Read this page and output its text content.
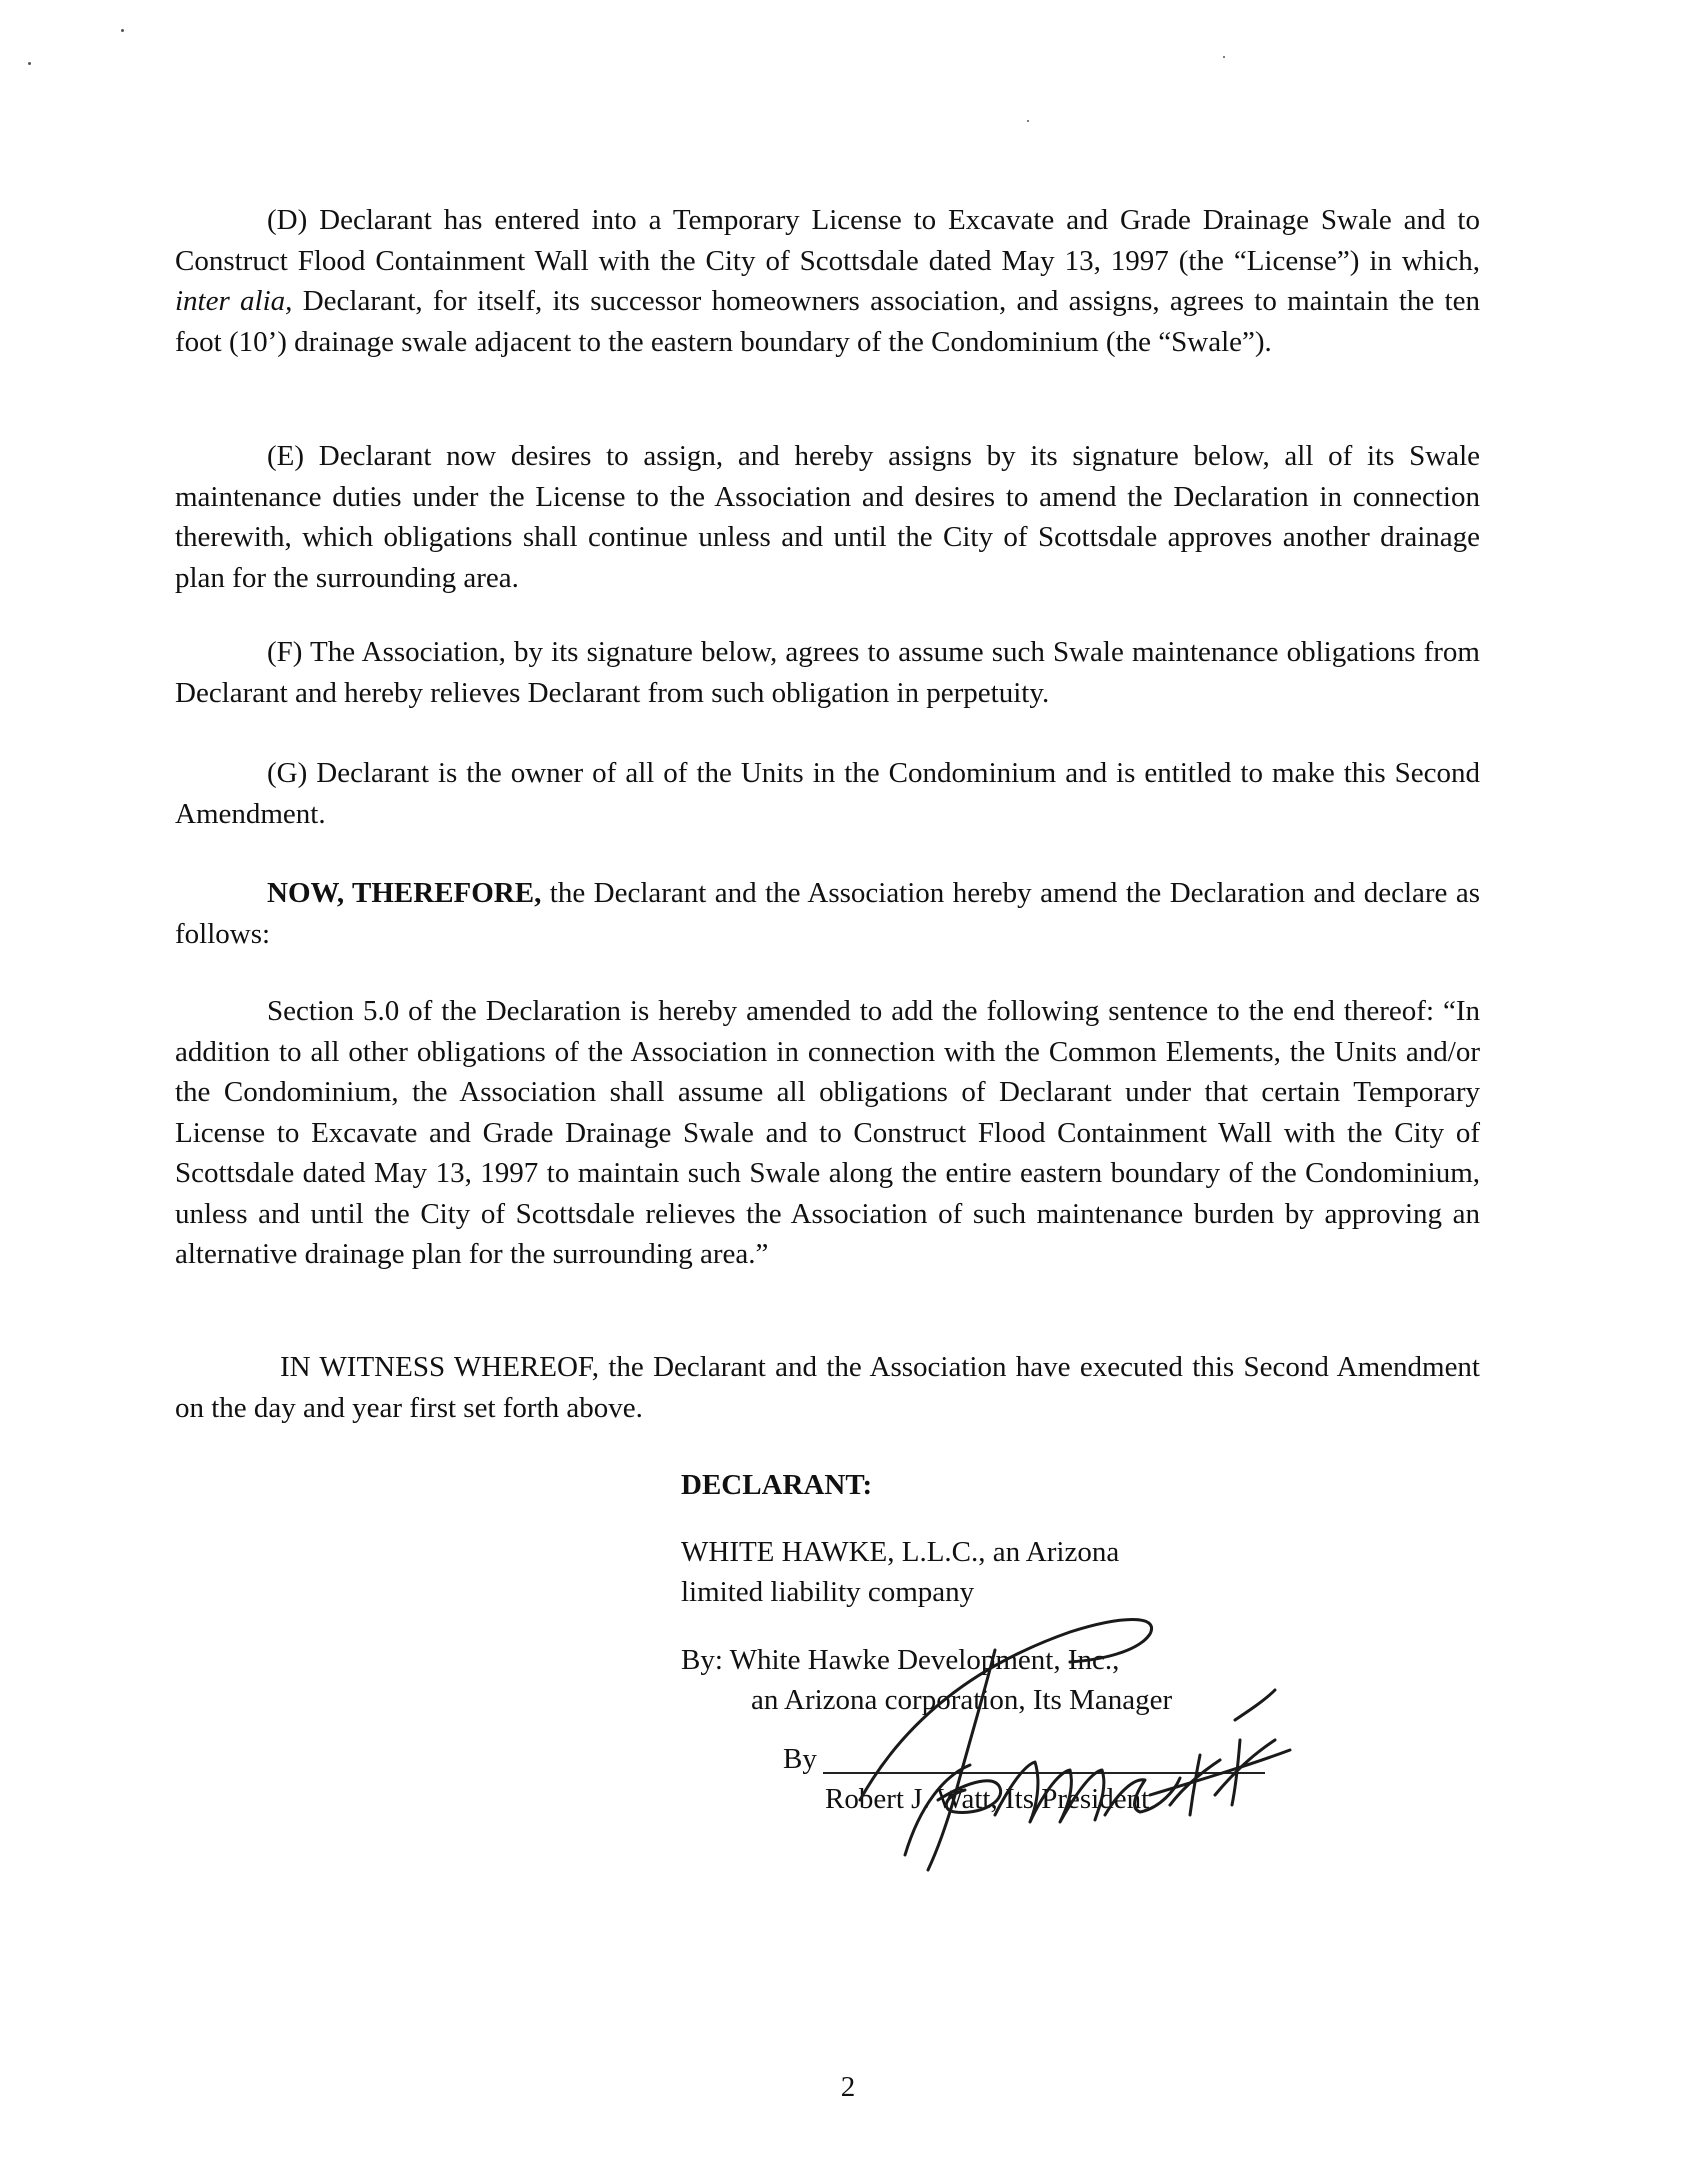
(D) Declarant has entered into a Temporary License to Excavate and Grade Drainage Swale and to Construct Flood Containment Wall with the City of Scottsdale dated May 13, 1997 (the “License”) in which, inter alia, Declarant, for itself, its successor homeowners association, and assigns, agrees to maintain the ten foot (10’) drainage swale adjacent to the eastern boundary of the Condominium (the “Swale”).

(E) Declarant now desires to assign, and hereby assigns by its signature below, all of its Swale maintenance duties under the License to the Association and desires to amend the Declaration in connection therewith, which obligations shall continue unless and until the City of Scottsdale approves another drainage plan for the surrounding area.

(F) The Association, by its signature below, agrees to assume such Swale maintenance obligations from Declarant and hereby relieves Declarant from such obligation in perpetuity.

(G) Declarant is the owner of all of the Units in the Condominium and is entitled to make this Second Amendment.

NOW, THEREFORE, the Declarant and the Association hereby amend the Declaration and declare as follows:

Section 5.0 of the Declaration is hereby amended to add the following sentence to the end thereof: “In addition to all other obligations of the Association in connection with the Common Elements, the Units and/or the Condominium, the Association shall assume all obligations of Declarant under that certain Temporary License to Excavate and Grade Drainage Swale and to Construct Flood Containment Wall with the City of Scottsdale dated May 13, 1997 to maintain such Swale along the entire eastern boundary of the Condominium, unless and until the City of Scottsdale relieves the Association of such maintenance burden by approving an alternative drainage plan for the surrounding area.”

IN WITNESS WHEREOF, the Declarant and the Association have executed this Second Amendment on the day and year first set forth above.

DECLARANT:

WHITE HAWKE, L.L.C., an Arizona

limited liability company

By: White Hawke Development, Inc.,

an Arizona corporation, Its Manager

By

Robert J. Watt, Its President

2
